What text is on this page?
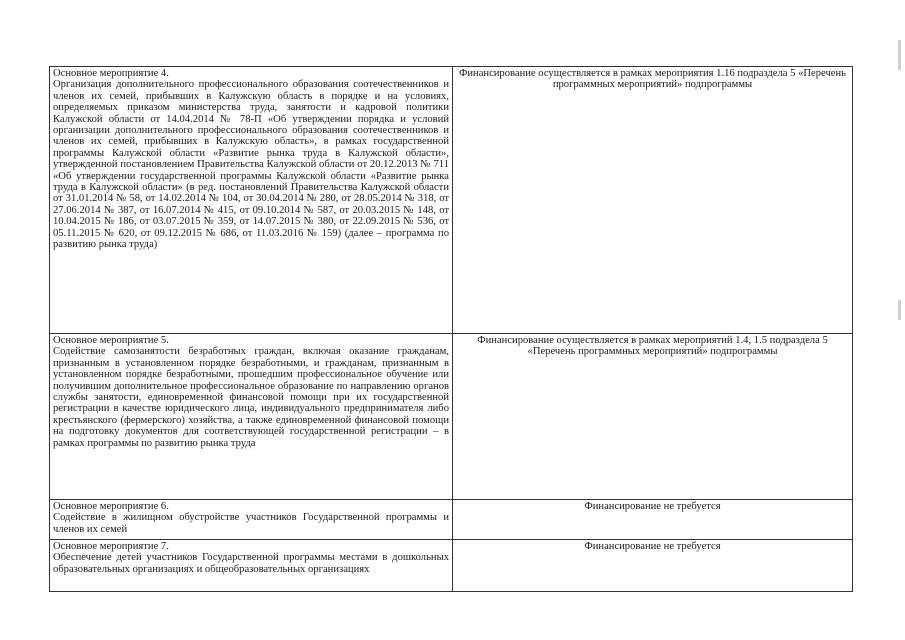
Основное мероприятие 4.
Организация дополнительного профессионального образования соотечественников и членов их семей, прибывших в Калужскую область в порядке и на условиях, определяемых приказом министерства труда, занятости и кадровой политики Калужской области от 14.04.2014 № 78-П «Об утверждении порядка и условий организации дополнительного профессионального образования соотечественников и членов их семей, прибывших в Калужскую область», в рамках государственной программы Калужской области «Развитие рынка труда в Калужской области», утвержденной постановлением Правительства Калужской области от 20.12.2013 № 711 «Об утверждении государственной программы Калужской области «Развитие рынка труда в Калужской области» (в ред. постановлений Правительства Калужской области от 31.01.2014 № 58, от 14.02.2014 № 104, от 30.04.2014 № 280, от 28.05.2014 № 318, от 27.06.2014 № 387, от 16.07.2014 № 415, от 09.10.2014 № 587, от 20.03.2015 № 148, от 10.04.2015 № 186, от 03.07.2015 № 359, от 14.07.2015 № 380, от 22.09.2015 № 536, от 05.11.2015 № 620, от 09.12.2015 № 686, от 11.03.2016 № 159) (далее – программа по развитию рынка труда)	Финансирование осуществляется в рамках мероприятия 1.16 подраздела 5 «Перечень программных мероприятий» подпрограммы

Основное мероприятие 5.
Содействие самозанятости безработных граждан, включая оказание гражданам, признанным в установленном порядке безработными, и гражданам, признанным в установленном порядке безработными, прошедшим профессиональное обучение или получившим дополнительное профессиональное образование по направлению органов службы занятости, единовременной финансовой помощи при их государственной регистрации в качестве юридического лица, индивидуального предпринимателя либо крестьянского (фермерского) хозяйства, а также единовременной финансовой помощи на подготовку документов для соответствующей государственной регистрации – в рамках программы по развитию рынка труда	Финансирование осуществляется в рамках мероприятий 1.4, 1.5 подраздела 5 «Перечень программных мероприятий» подпрограммы

Основное мероприятие 6.
Содействие в жилищном обустройстве участников Государственной программы и членов их семей	Финансирование не требуется

Основное мероприятие 7.
Обеспечение детей участников Государственной программы местами в дошкольных образовательных организациях и общеобразовательных организациях	Финансирование не требуется
